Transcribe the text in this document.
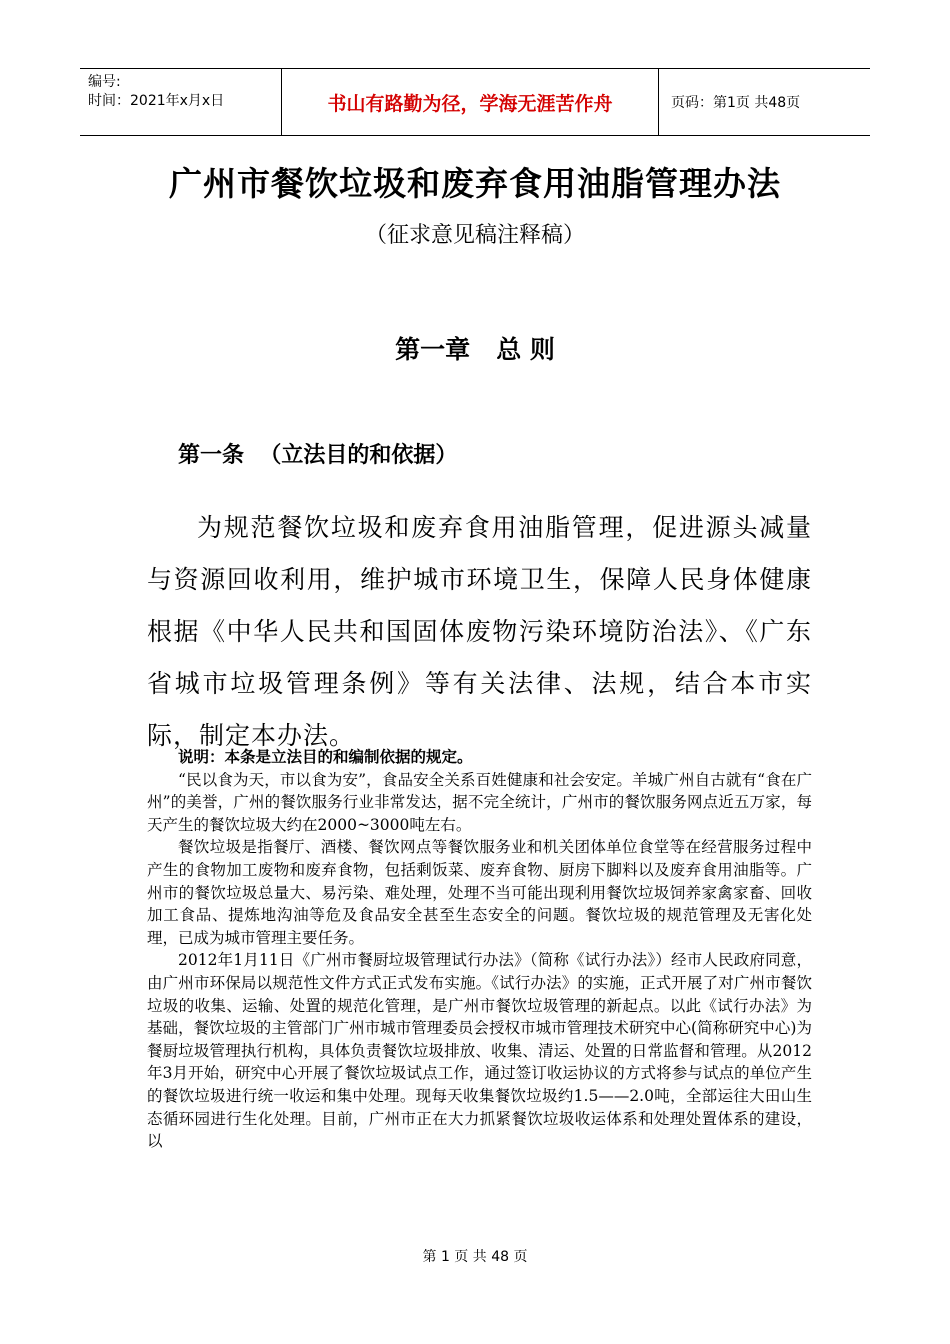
编号:
时间：2021年x月x日	书山有路勤为径，学海无涯苦作舟	页码：第1页 共48页
广州市餐饮垃圾和废弃食用油脂管理办法
（征求意见稿注释稿）
第一章   总 则
第一条  （立法目的和依据）

为规范餐饮垃圾和废弃食用油脂管理，促进源头减量与资源回收利用，维护城市环境卫生，保障人民身体健康根据《中华人民共和国固体废物污染环境防治法》、《广东省城市垃圾管理条例》等有关法律、法规，结合本市实际，制定本办法。

说明：本条是立法目的和编制依据的规定。

“民以食为天，市以食为安”，食品安全关系百姓健康和社会安定。羊城广州自古就有“食在广州”的美誉，广州的餐饮服务行业非常发达，据不完全统计，广州市的餐饮服务网点近五万家，每天产生的餐饮垃圾大约在2000~3000吨左右。

餐饮垃圾是指餐厅、酒楼、餐饮网点等餐饮服务业和机关团体单位食堂等在经营服务过程中产生的食物加工废物和废弃食物，包括剩饭菜、废弃食物、厨房下脚料以及废弃食用油脂等。广州市的餐饮垃圾总量大、易污染、难处理，处理不当可能出现利用餐饮垃圾饲养家禽家畜、回收加工食品、提炼地沟油等危及食品安全甚至生态安全的问题。餐饮垃圾的规范管理及无害化处理，已成为城市管理主要任务。

2012年1月11日《广州市餐厨垃圾管理试行办法》（简称《试行办法》）经市人民政府同意，由广州市环保局以规范性文件方式正式发布实施。《试行办法》的实施，正式开展了对广州市餐饮垃圾的收集、运输、处置的规范化管理，是广州市餐饮垃圾管理的新起点。以此《试行办法》为基础，餐饮垃圾的主管部门广州市城市管理委员会授权市城市管理技术研究中心(简称研究中心)为餐厨垃圾管理执行机构，具体负责餐饮垃圾排放、收集、清运、处置的日常监督和管理。从2012年3月开始，研究中心开展了餐饮垃圾试点工作，通过签订收运协议的方式将参与试点的单位产生的餐饮垃圾进行统一收运和集中处理。现每天收集餐饮垃圾约1.5——2.0吨，全部运往大田山生态循环园进行生化处理。目前，广州市正在大力抓紧餐饮垃圾收运体系和处理处置体系的建设，以

第 1 页 共 48 页
